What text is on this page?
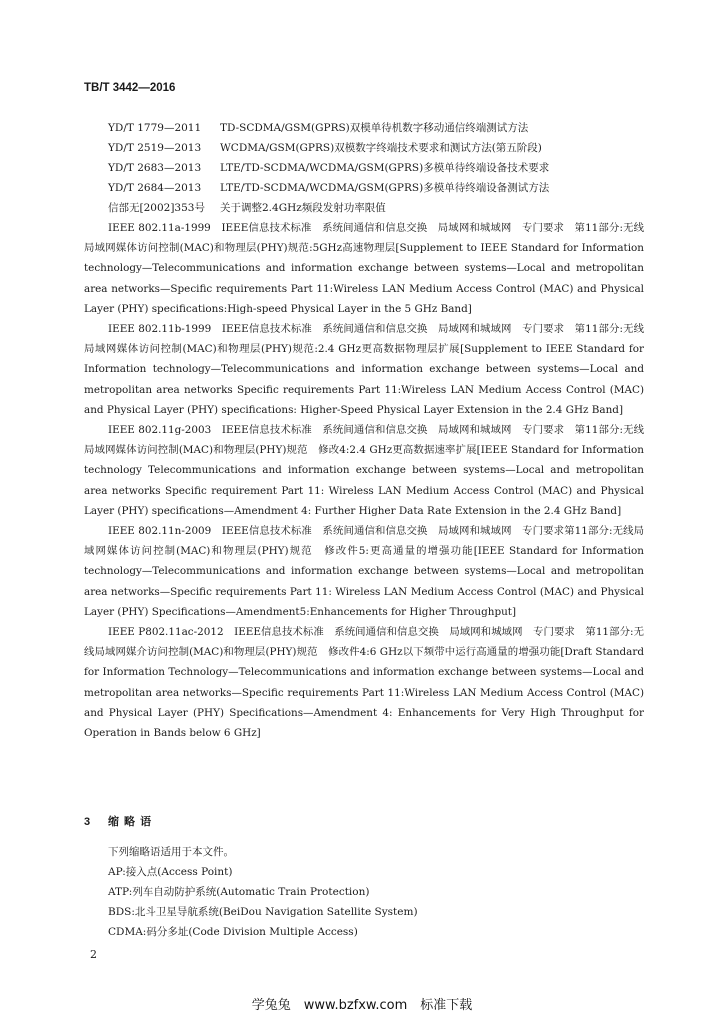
TB/T 3442—2016
YD/T 1779—2011 TD-SCDMA/GSM(GPRS)双模单待机数字移动通信终端测试方法
YD/T 2519—2013 WCDMA/GSM(GPRS)双模数字终端技术要求和测试方法(第五阶段)
YD/T 2683—2013 LTE/TD-SCDMA/WCDMA/GSM(GPRS)多模单待终端设备技术要求
YD/T 2684—2013 LTE/TD-SCDMA/WCDMA/GSM(GPRS)多模单待终端设备测试方法
信部无[2002]353号 关于调整2.4GHz频段发射功率限值

IEEE 802.11a-1999　IEEE信息技术标准　系统间通信和信息交换　局域网和城域网　专门要求　第11部分:无线局域网媒体访问控制(MAC)和物理层(PHY)规范:5GHz高速物理层[Supplement to IEEE Standard for Information technology—Telecommunications and information exchange between systems—Local and metropolitan area networks—Specific requirements Part 11:Wireless LAN Medium Access Control (MAC) and Physical Layer (PHY) specifications:High-speed Physical Layer in the 5 GHz Band]

IEEE 802.11b-1999　IEEE信息技术标准　系统间通信和信息交换　局域网和城域网　专门要求　第11部分:无线局域网媒体访问控制(MAC)和物理层(PHY)规范:2.4 GHz更高数据物理层扩展[Supplement to IEEE Standard for Information technology—Telecommunications and information exchange between systems—Local and metropolitan area networks Specific requirements Part 11:Wireless LAN Medium Access Control (MAC) and Physical Layer (PHY) specifications: Higher-Speed Physical Layer Extension in the 2.4 GHz Band]

IEEE 802.11g-2003　IEEE信息技术标准　系统间通信和信息交换　局域网和城域网　专门要求　第11部分:无线局域网媒体访问控制(MAC)和物理层(PHY)规范　修改4:2.4 GHz更高数据速率扩展[IEEE Standard for Information technology Telecommunications and information exchange between systems—Local and metropolitan area networks Specific requirement Part 11: Wireless LAN Medium Access Control (MAC) and Physical Layer (PHY) specifications—Amendment 4: Further Higher Data Rate Extension in the 2.4 GHz Band]

IEEE 802.11n-2009　IEEE信息技术标准　系统间通信和信息交换　局域网和城域网　专门要求第11部分:无线局域网媒体访问控制(MAC)和物理层(PHY)规范　修改件5:更高通量的增强功能[IEEE Standard for Information technology—Telecommunications and information exchange between systems—Local and metropolitan area networks—Specific requirements Part 11: Wireless LAN Medium Access Control (MAC) and Physical Layer (PHY) Specifications—Amendment5:Enhancements for Higher Throughput]

IEEE P802.11ac-2012　IEEE信息技术标准　系统间通信和信息交换　局域网和城域网　专门要求　第11部分:无线局域网媒介访问控制(MAC)和物理层(PHY)规范　修改件4:6 GHz以下频带中运行高通量的增强功能[Draft Standard for Information Technology—Telecommunications and information exchange between systems—Local and metropolitan area networks—Specific requirements Part 11:Wireless LAN Medium Access Control (MAC) and Physical Layer (PHY) Specifications—Amendment 4: Enhancements for Very High Throughput for Operation in Bands below 6 GHz]

3 缩 略 语
下列缩略语适用于本文件。
AP:接入点(Access Point)
ATP:列车自动防护系统(Automatic Train Protection)
BDS:北斗卫星导航系统(BeiDou Navigation Satellite System)
CDMA:码分多址(Code Division Multiple Access)
2
学兔兔　www.bzfxw.com　标准下载
